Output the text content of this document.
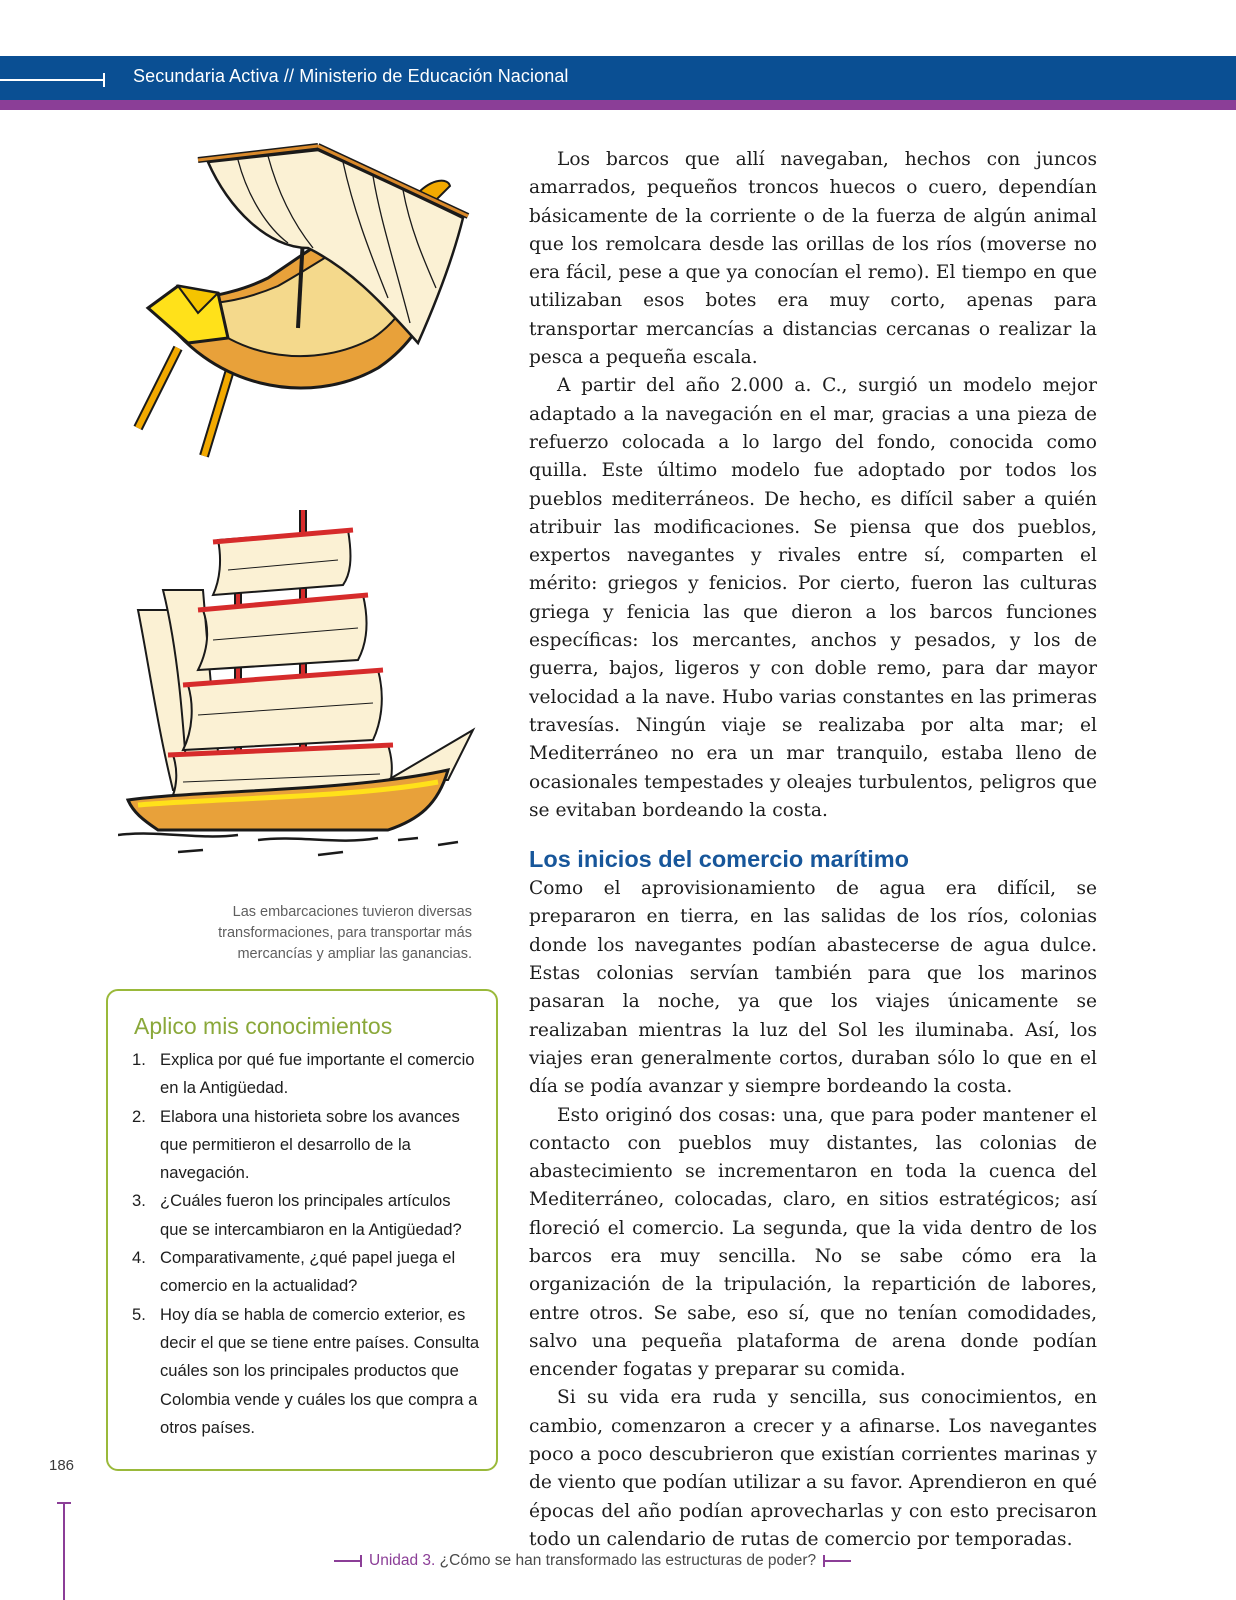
Secundaria Activa // Ministerio de Educación Nacional
Las embarcaciones tuvieron diversas transformaciones, para transportar más mercancías y ampliar las ganancias.
Aplico mis conocimientos
1. Explica por qué fue importante el comercio en la Antigüedad.
2. Elabora una historieta sobre los avances que permitieron el desarrollo de la navegación.
3. ¿Cuáles fueron los principales artículos que se intercambiaron en la Antigüedad?
4. Comparativamente, ¿qué papel juega el comercio en la actualidad?
5. Hoy día se habla de comercio exterior, es decir el que se tiene entre países. Consulta cuáles son los principales productos que Colombia vende y cuáles los que compra a otros países.
186

Los barcos que allí navegaban, hechos con juncos amarrados, pequeños troncos huecos o cuero, dependían básicamente de la corriente o de la fuerza de algún animal que los remolcara desde las orillas de los ríos (moverse no era fácil, pese a que ya conocían el remo). El tiempo en que utilizaban esos botes era muy corto, apenas para transportar mercancías a distancias cercanas o realizar la pesca a pequeña escala.

A partir del año 2.000 a. C., surgió un modelo mejor adaptado a la navegación en el mar, gracias a una pieza de refuerzo colocada a lo largo del fondo, conocida como quilla. Este último modelo fue adoptado por todos los pueblos mediterráneos. De hecho, es difícil saber a quién atribuir las modificaciones. Se piensa que dos pueblos, expertos navegantes y rivales entre sí, comparten el mérito: griegos y fenicios. Por cierto, fueron las culturas griega y fenicia las que dieron a los barcos funciones específicas: los mercantes, anchos y pesados, y los de guerra, bajos, ligeros y con doble remo, para dar mayor velocidad a la nave. Hubo varias constantes en las primeras travesías. Ningún viaje se realizaba por alta mar; el Mediterráneo no era un mar tranquilo, estaba lleno de ocasionales tempestades y oleajes turbulentos, peligros que se evitaban bordeando la costa.

Los inicios del comercio marítimo

Como el aprovisionamiento de agua era difícil, se prepararon en tierra, en las salidas de los ríos, colonias donde los navegantes podían abastecerse de agua dulce. Estas colonias servían también para que los marinos pasaran la noche, ya que los viajes únicamente se realizaban mientras la luz del Sol les iluminaba. Así, los viajes eran generalmente cortos, duraban sólo lo que en el día se podía avanzar y siempre bordeando la costa.

Esto originó dos cosas: una, que para poder mantener el contacto con pueblos muy distantes, las colonias de abastecimiento se incrementaron en toda la cuenca del Mediterráneo, colocadas, claro, en sitios estratégicos; así floreció el comercio. La segunda, que la vida dentro de los barcos era muy sencilla. No se sabe cómo era la organización de la tripulación, la repartición de labores, entre otros. Se sabe, eso sí, que no tenían comodidades, salvo una pequeña plataforma de arena donde podían encender fogatas y preparar su comida.

Si su vida era ruda y sencilla, sus conocimientos, en cambio, comenzaron a crecer y a afinarse. Los navegantes poco a poco descubrieron que existían corrientes marinas y de viento que podían utilizar a su favor. Aprendieron en qué épocas del año podían aprovecharlas y con esto precisaron todo un calendario de rutas de comercio por temporadas.

Unidad 3. ¿Cómo se han transformado las estructuras de poder?
